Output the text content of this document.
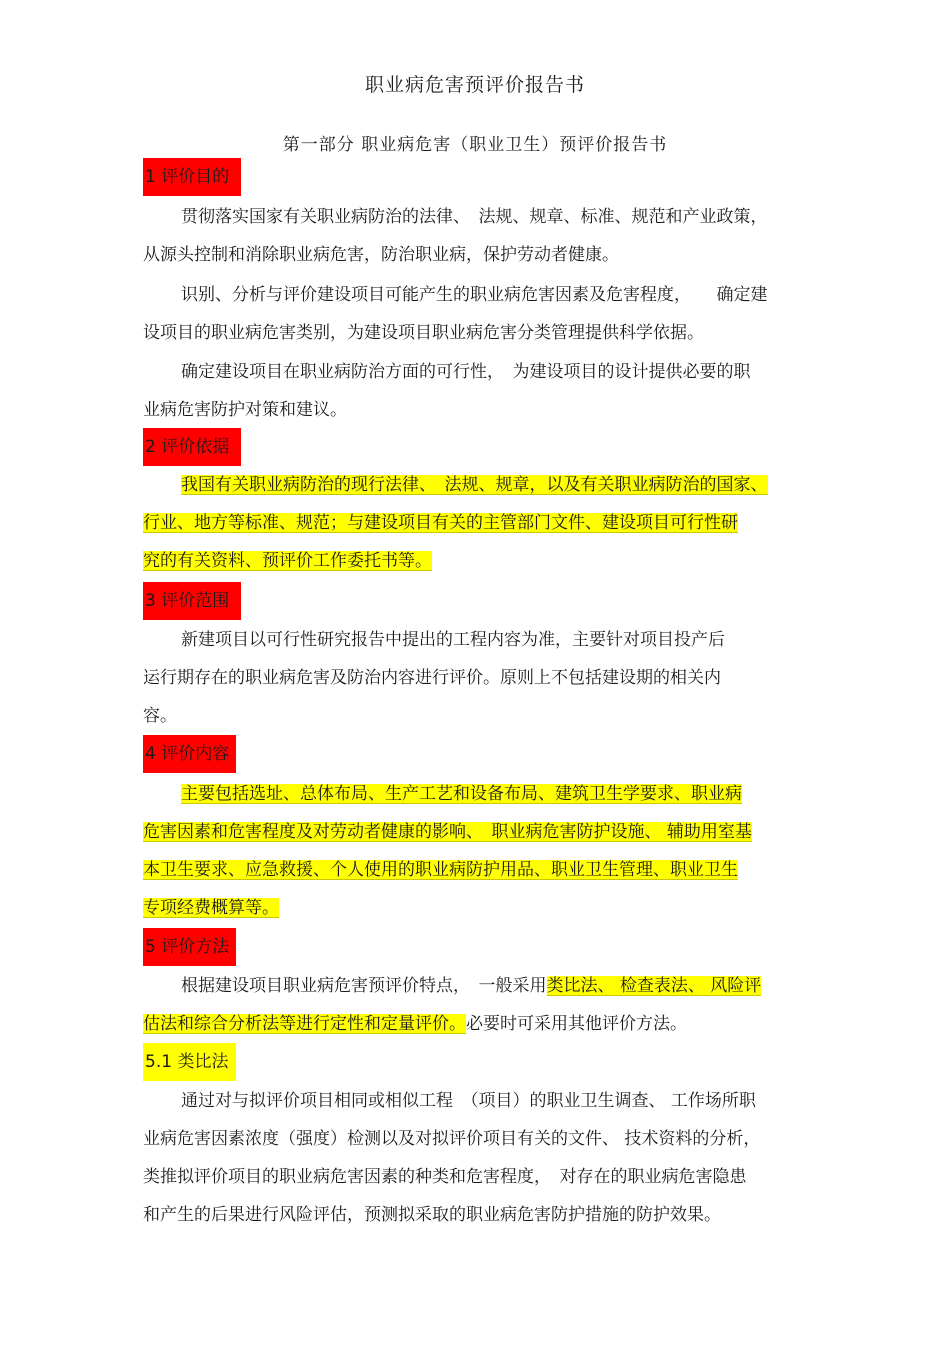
职业病危害预评价报告书
第一部分 职业病危害（职业卫生）预评价报告书
1 评价目的
贯彻落实国家有关职业病防治的法律、　法规、规章、标准、规范和产业政策，
从源头控制和消除职业病危害，防治职业病，保护劳动者健康。
识别、分析与评价建设项目可能产生的职业病危害因素及危害程度，　　确定建
设项目的职业病危害类别，为建设项目职业病危害分类管理提供科学依据。
确定建设项目在职业病防治方面的可行性，　为建设项目的设计提供必要的职
业病危害防护对策和建议。
2 评价依据
我国有关职业病防治的现行法律、　法规、规章，以及有关职业病防治的国家、
行业、地方等标准、规范；与建设项目有关的主管部门文件、建设项目可行性研
究的有关资料、预评价工作委托书等。
3 评价范围
新建项目以可行性研究报告中提出的工程内容为准，主要针对项目投产后
运行期存在的职业病危害及防治内容进行评价。原则上不包括建设期的相关内
容。
4 评价内容
主要包括选址、总体布局、生产工艺和设备布局、建筑卫生学要求、职业病
危害因素和危害程度及对劳动者健康的影响、　职业病危害防护设施、 辅助用室基
本卫生要求、应急救援、个人使用的职业病防护用品、职业卫生管理、职业卫生
专项经费概算等。
5 评价方法
根据建设项目职业病危害预评价特点，　一般采用类比法、 检查表法、 风险评
估法和综合分析法等进行定性和定量评价。必要时可采用其他评价方法。
5.1 类比法
通过对与拟评价项目相同或相似工程　（项目）的职业卫生调查、 工作场所职
业病危害因素浓度（强度）检测以及对拟评价项目有关的文件、 技术资料的分析，
类推拟评价项目的职业病危害因素的种类和危害程度，　对存在的职业病危害隐患
和产生的后果进行风险评估，预测拟采取的职业病危害防护措施的防护效果。
